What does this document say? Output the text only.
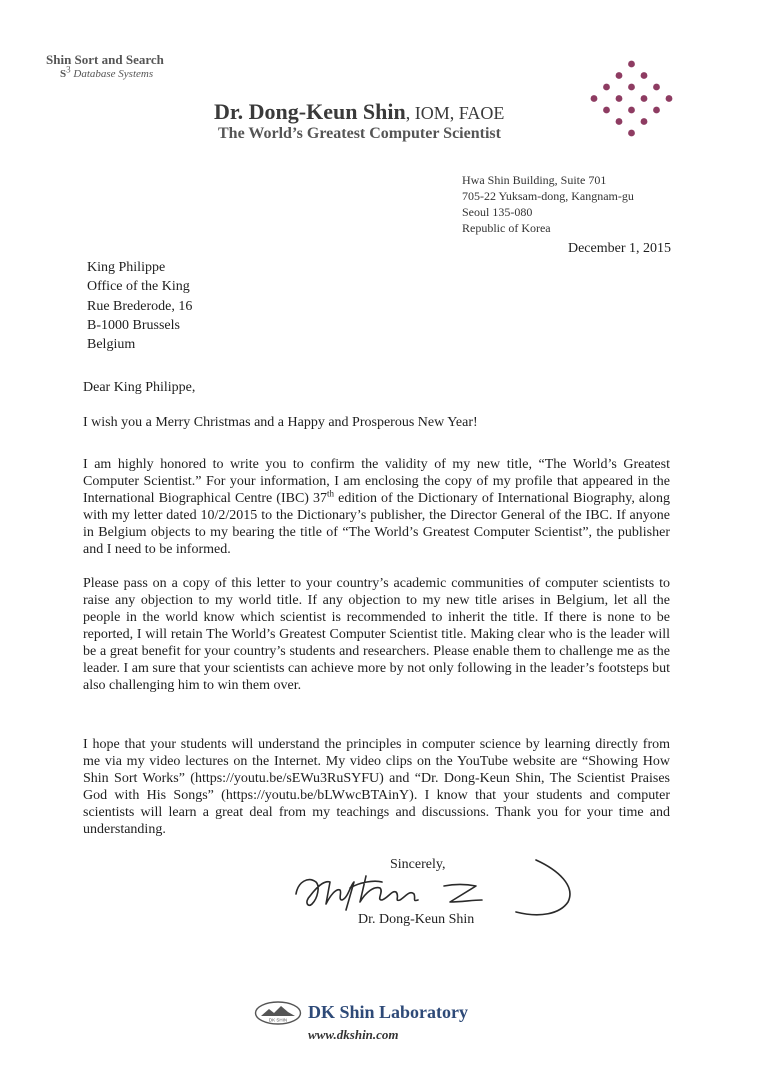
Shin Sort and Search
$S^3$ Database Systems
Dr. Dong-Keun Shin, IOM, FAOE
The World’s Greatest Computer Scientist
Hwa Shin Building, Suite 701
705-22 Yuksam-dong, Kangnam-gu
Seoul 135-080
Republic of Korea
December 1, 2015
King Philippe
Office of the King
Rue Brederode, 16
B-1000 Brussels
Belgium
Dear King Philippe,

I wish you a Merry Christmas and a Happy and Prosperous New Year!

I am highly honored to write you to confirm the validity of my new title, “The World’s Greatest Computer Scientist.” For your information, I am enclosing the copy of my profile that appeared in the International Biographical Centre (IBC) 37th edition of the Dictionary of International Biography, along with my letter dated 10/2/2015 to the Dictionary’s publisher, the Director General of the IBC. If anyone in Belgium objects to my bearing the title of “The World’s Greatest Computer Scientist”, the publisher and I need to be informed.

Please pass on a copy of this letter to your country’s academic communities of computer scientists to raise any objection to my world title. If any objection to my new title arises in Belgium, let all the people in the world know which scientist is recommended to inherit the title. If there is none to be reported, I will retain The World’s Greatest Computer Scientist title. Making clear who is the leader will be a great benefit for your country’s students and researchers. Please enable them to challenge me as the leader. I am sure that your scientists can achieve more by not only following in the leader’s footsteps but also challenging him to win them over.

I hope that your students will understand the principles in computer science by learning directly from me via my video lectures on the Internet. My video clips on the YouTube website are “Showing How Shin Sort Works” (https://youtu.be/sEWu3RuSYFU) and “Dr. Dong-Keun Shin, The Scientist Praises God with His Songs” (https://youtu.be/bLWwcBTAinY). I know that your students and computer scientists will learn a great deal from my teachings and discussions. Thank you for your time and understanding.

Sincerely,
Dr. Dong-Keun Shin
DK SHIN DK Shin Laboratory
www.dkshin.com
